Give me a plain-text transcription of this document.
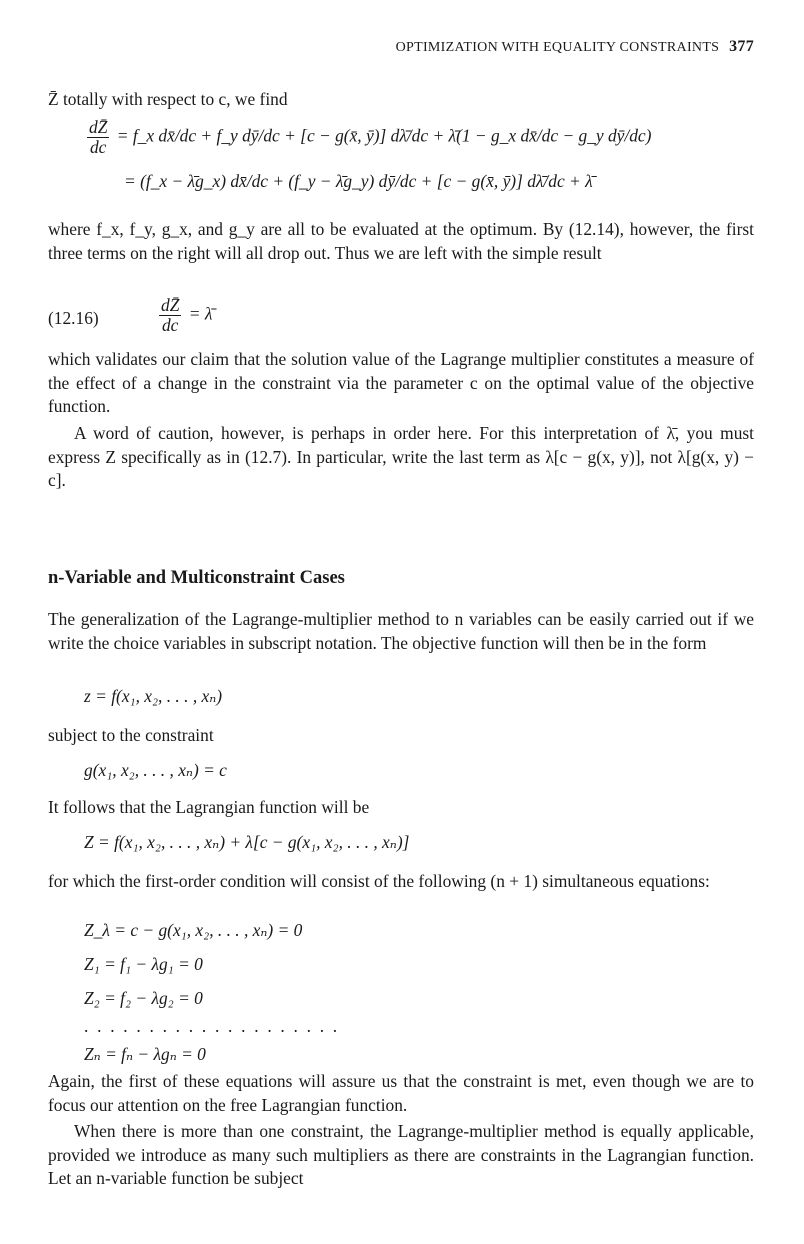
OPTIMIZATION WITH EQUALITY CONSTRAINTS 377
Z̄ totally with respect to c, we find
$\frac{dZ̄}{dc}$ = f_x dx̄/dc + f_y dȳ/dc + [c − g(x̄, ȳ)] dλ̄/dc + λ̄(1 − g_x dx̄/dc − g_y dȳ/dc)
= (f_x − λ̄g_x) dx̄/dc + (f_y − λ̄g_y) dȳ/dc + [c − g(x̄, ȳ)] dλ̄/dc + λ̄
where f_x, f_y, g_x, and g_y are all to be evaluated at the optimum. By (12.14), however, the first three terms on the right will all drop out. Thus we are left with the simple result
(12.16)	$\frac{dZ̄}{dc}$ = λ̄
which validates our claim that the solution value of the Lagrange multiplier constitutes a measure of the effect of a change in the constraint via the parameter c on the optimal value of the objective function.
A word of caution, however, is perhaps in order here. For this interpretation of λ̄, you must express Z specifically as in (12.7). In particular, write the last term as λ[c − g(x, y)], not λ[g(x, y) − c].
n-Variable and Multiconstraint Cases
The generalization of the Lagrange-multiplier method to n variables can be easily carried out if we write the choice variables in subscript notation. The objective function will then be in the form
z = f(x₁, x₂, . . . , xₙ)
subject to the constraint
g(x₁, x₂, . . . , xₙ) = c
It follows that the Lagrangian function will be
Z = f(x₁, x₂, . . . , xₙ) + λ[c − g(x₁, x₂, . . . , xₙ)]
for which the first-order condition will consist of the following (n + 1) simultaneous equations:
Z_λ = c − g(x₁, x₂, . . . , xₙ) = 0
Z₁ = f₁ − λg₁ = 0
Z₂ = f₂ − λg₂ = 0
. . . . . . . . . . . . . . . . . . . .
Zₙ = fₙ − λgₙ = 0
Again, the first of these equations will assure us that the constraint is met, even though we are to focus our attention on the free Lagrangian function.
When there is more than one constraint, the Lagrange-multiplier method is equally applicable, provided we introduce as many such multipliers as there are constraints in the Lagrangian function. Let an n-variable function be subject
